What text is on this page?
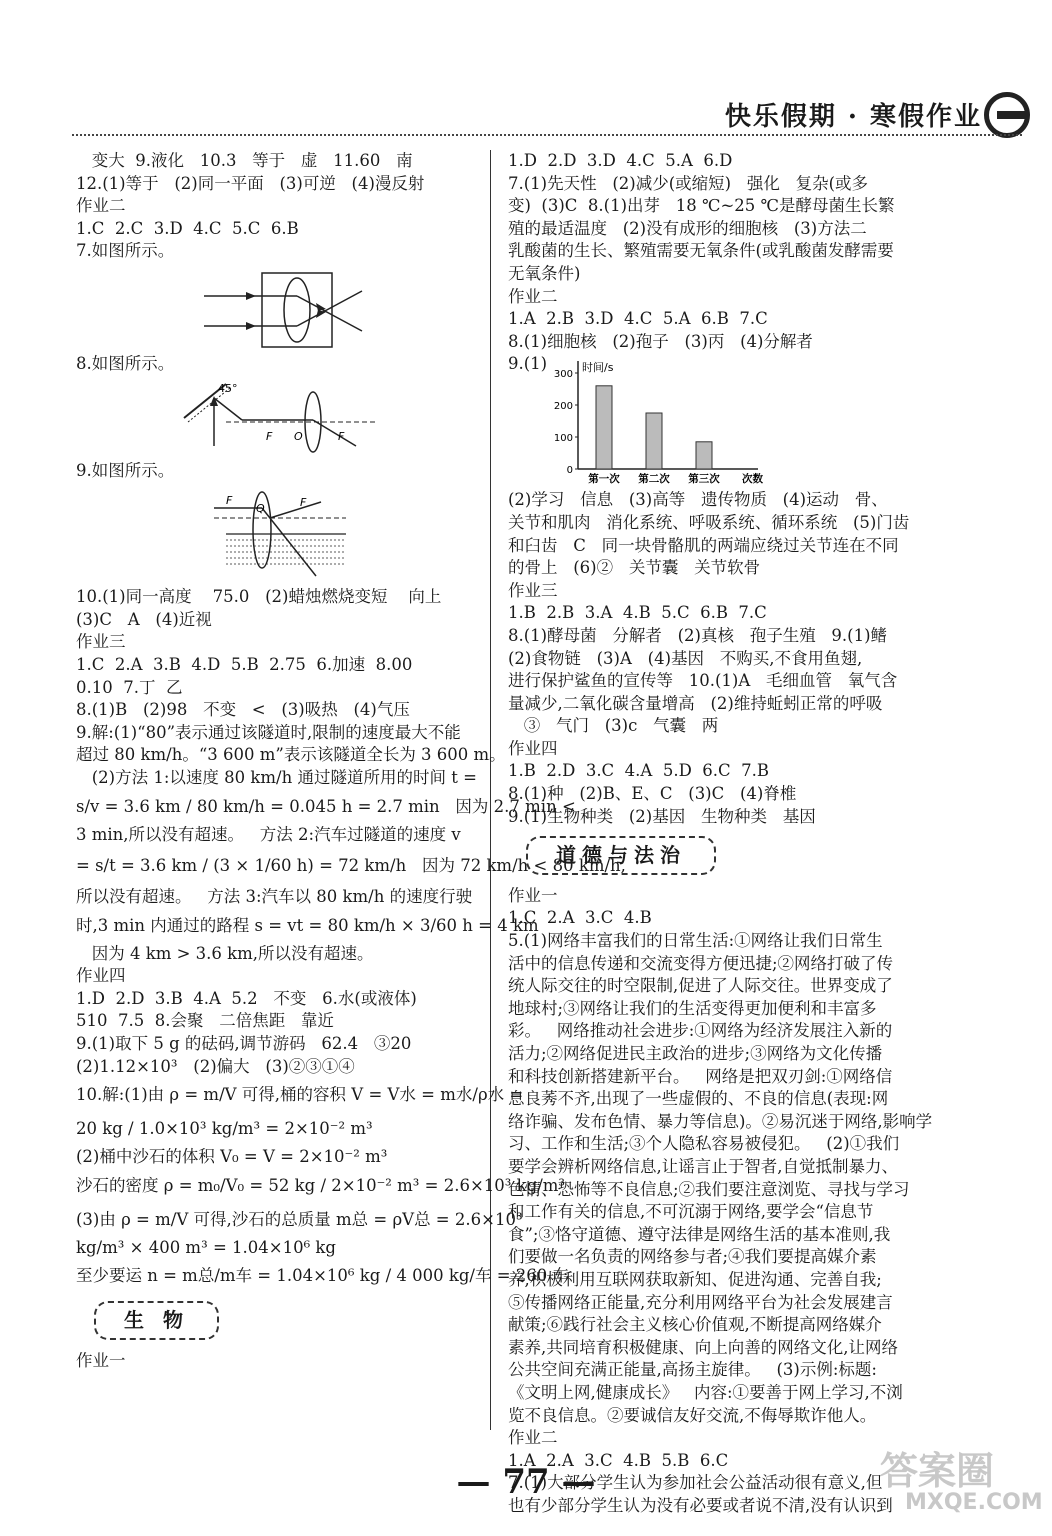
快乐假期 · 寒假作业
变大  9.液化   10.3   等于   虚   11.60   南
12.(1)等于   (2)同一平面   (3)可逆   (4)漫反射
作业二
1.C  2.C  3.D  4.C  5.C  6.B
7.如图所示。
8.如图所示。
45°
F O	F
9.如图所示。
F
Q	F
10.(1)同一高度    75.0   (2)蜡烛燃烧变短    向上
(3)C   A   (4)近视
作业三
1.C  2.A  3.B  4.D  5.B  2.75  6.加速  8.00
0.10  7.丁  乙
8.(1)B   (2)98   不变   <   (3)吸热   (4)气压
9.解:(1)“80”表示通过该隧道时,限制的速度最大不能
超过 80 km/h。“3 600 m”表示该隧道全长为 3 600 m。
(2)方法 1:以速度 80 km/h 通过隧道所用的时间 t =
s/v = 3.6 km / 80 km/h = 0.045 h = 2.7 min   因为 2.7 min <
3 min,所以没有超速。   方法 2:汽车过隧道的速度 v
= s/t = 3.6 km / (3 × 1/60 h) = 72 km/h   因为 72 km/h < 80 km/h,
所以没有超速。   方法 3:汽车以 80 km/h 的速度行驶
时,3 min 内通过的路程 s = vt = 80 km/h × 3/60 h = 4 km
因为 4 km > 3.6 km,所以没有超速。
作业四
1.D  2.D  3.B  4.A  5.2   不变   6.水(或液体)
510  7.5  8.会聚   二倍焦距   靠近
9.(1)取下 5 g 的砝码,调节游码   62.4   ③20
(2)1.12×10³   (2)偏大   (3)②③①④
10.解:(1)由 ρ = m/V 可得,桶的容积 V = V水 = m水/ρ水 =
20 kg / 1.0×10³ kg/m³ = 2×10⁻² m³
(2)桶中沙石的体积 V₀ = V = 2×10⁻² m³
沙石的密度 ρ = m₀/V₀ = 52 kg / 2×10⁻² m³ = 2.6×10³ kg/m³
(3)由 ρ = m/V 可得,沙石的总质量 m总 = ρV总 = 2.6×10³
kg/m³ × 400 m³ = 1.04×10⁶ kg
至少要运 n = m总/m车 = 1.04×10⁶ kg / 4 000 kg/车 = 260 车
生 物
作业一
1.D  2.D  3.D  4.C  5.A  6.D
7.(1)先天性   (2)减少(或缩短)   强化   复杂(或多
变)  (3)C  8.(1)出芽   18 ℃~25 ℃是酵母菌生长繁
殖的最适温度   (2)没有成形的细胞核   (3)方法二
乳酸菌的生长、繁殖需要无氧条件(或乳酸菌发酵需要
无氧条件)
作业二
1.A  2.B  3.D  4.C  5.A  6.B  7.C
8.(1)细胞核   (2)孢子   (3)丙   (4)分解者
9.(1)	时间/s
0
100
200
300
第一次 第二次 第三次 次数
(2)学习   信息   (3)高等   遗传物质   (4)运动   骨、
关节和肌肉   消化系统、呼吸系统、循环系统   (5)门齿
和臼齿   C   同一块骨骼肌的两端应绕过关节连在不同
的骨上   (6)②   关节囊   关节软骨
作业三
1.B  2.B  3.A  4.B  5.C  6.B  7.C
8.(1)酵母菌   分解者   (2)真核   孢子生殖   9.(1)鳍
(2)食物链   (3)A   (4)基因   不购买,不食用鱼翅,
进行保护鲨鱼的宣传等   10.(1)A   毛细血管   氧气含
量减少,二氧化碳含量增高   (2)维持蚯蚓正常的呼吸
③   气门   (3)c   气囊   两
作业四
1.B  2.D  3.C  4.A  5.D  6.C  7.B
8.(1)种   (2)B、E、C   (3)C   (4)脊椎
9.(1)生物种类   (2)基因   生物种类   基因
道德与法治
作业一
1.C  2.A  3.C  4.B
5.(1)网络丰富我们的日常生活:①网络让我们日常生
活中的信息传递和交流变得方便迅捷;②网络打破了传
统人际交往的时空限制,促进了人际交往。世界变成了
地球村;③网络让我们的生活变得更加便利和丰富多
彩。   网络推动社会进步:①网络为经济发展注入新的
活力;②网络促进民主政治的进步;③网络为文化传播
和科技创新搭建新平台。   网络是把双刃剑:①网络信
息良莠不齐,出现了一些虚假的、不良的信息(表现:网
络诈骗、发布色情、暴力等信息)。②易沉迷于网络,影响学
习、工作和生活;③个人隐私容易被侵犯。   (2)①我们
要学会辨析网络信息,让谣言止于智者,自觉抵制暴力、
色情、恐怖等不良信息;②我们要注意浏览、寻找与学习
和工作有关的信息,不可沉溺于网络,要学会“信息节
食”;③恪守道德、遵守法律是网络生活的基本准则,我
们要做一名负责的网络参与者;④我们要提高媒介素
养,积极利用互联网获取新知、促进沟通、完善自我;
⑤传播网络正能量,充分利用网络平台为社会发展建言
献策;⑥践行社会主义核心价值观,不断提高网络媒介
素养,共同培育积极健康、向上向善的网络文化,让网络
公共空间充满正能量,高扬主旋律。   (3)示例:标题:
《文明上网,健康成长》   内容:①要善于网上学习,不浏
览不良信息。②要诚信友好交流,不侮辱欺诈他人。
作业二
1.A  2.A  3.C  4.B  5.B  6.C
7.(1)大部分学生认为参加社会公益活动很有意义,但
也有少部分学生认为没有必要或者说不清,没有认识到
— 77 —	答案圈
MXQE.COM
